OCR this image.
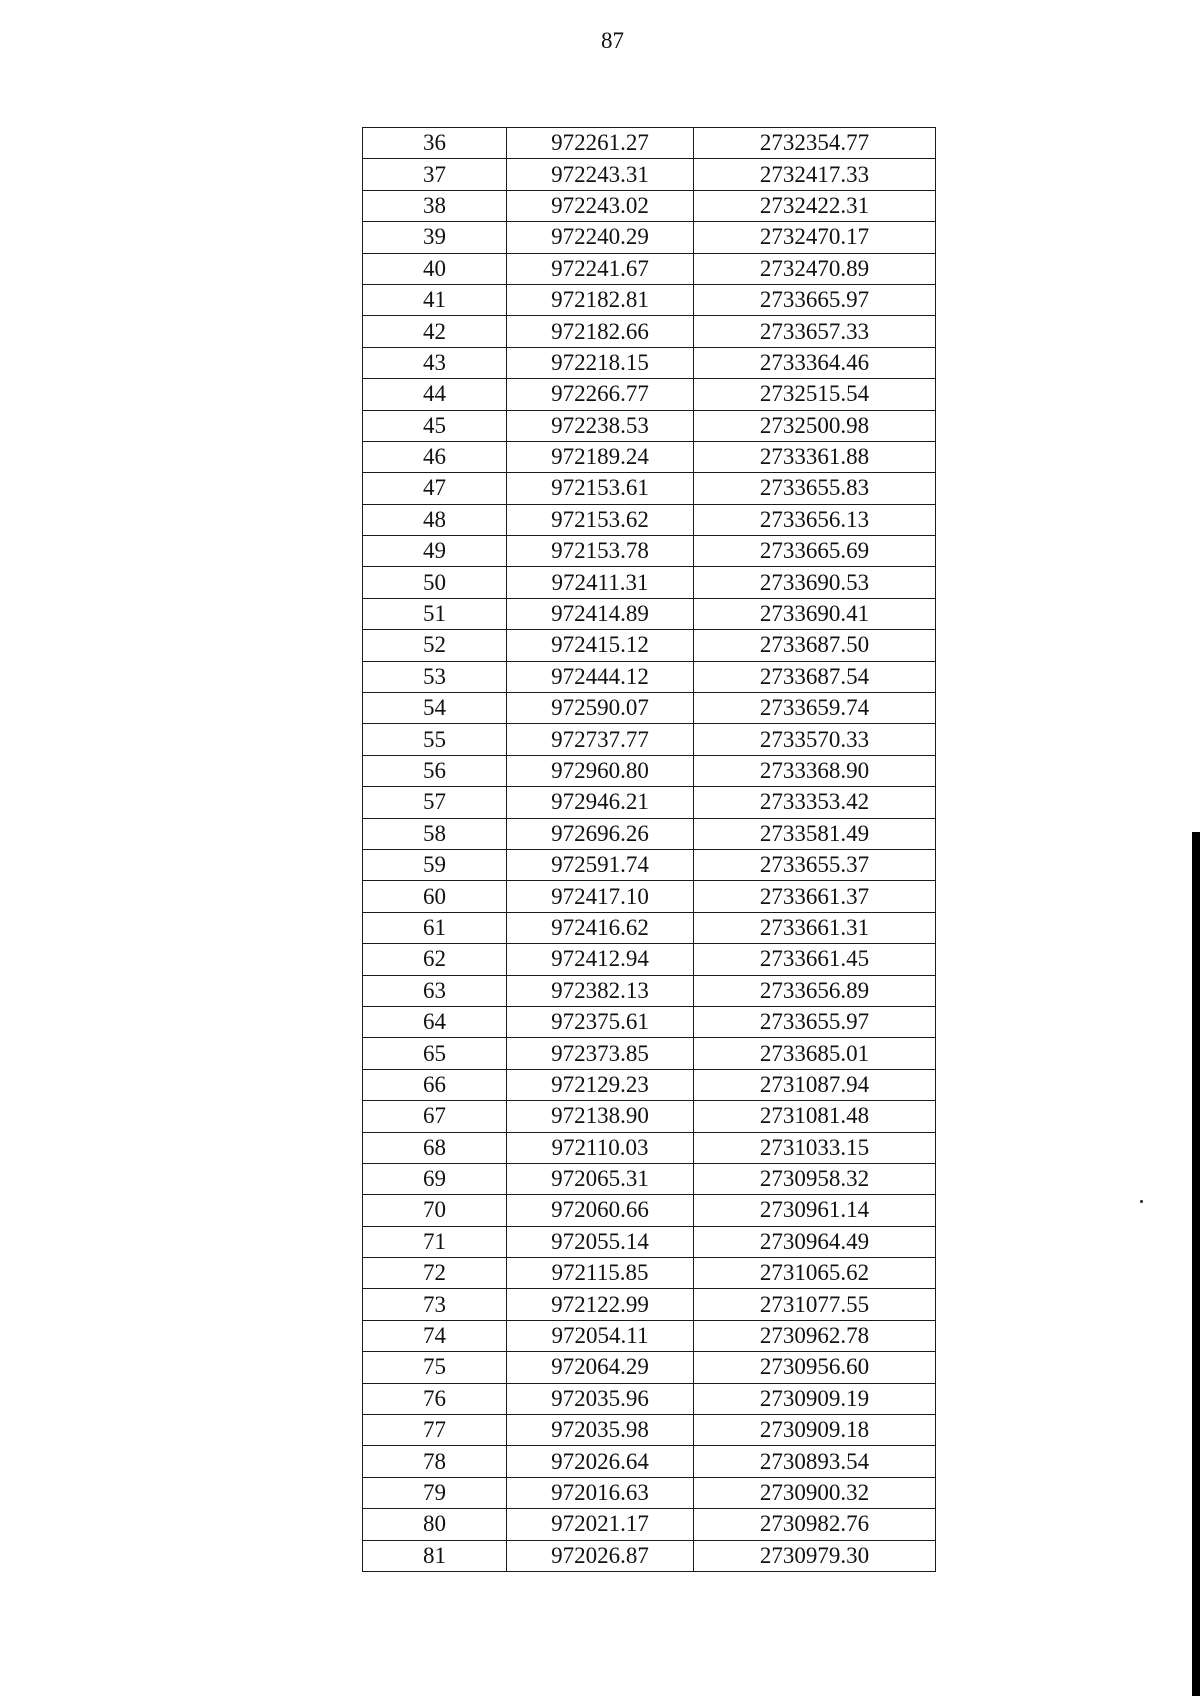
87
36	972261.27	2732354.77
37	972243.31	2732417.33
38	972243.02	2732422.31
39	972240.29	2732470.17
40	972241.67	2732470.89
41	972182.81	2733665.97
42	972182.66	2733657.33
43	972218.15	2733364.46
44	972266.77	2732515.54
45	972238.53	2732500.98
46	972189.24	2733361.88
47	972153.61	2733655.83
48	972153.62	2733656.13
49	972153.78	2733665.69
50	972411.31	2733690.53
51	972414.89	2733690.41
52	972415.12	2733687.50
53	972444.12	2733687.54
54	972590.07	2733659.74
55	972737.77	2733570.33
56	972960.80	2733368.90
57	972946.21	2733353.42
58	972696.26	2733581.49
59	972591.74	2733655.37
60	972417.10	2733661.37
61	972416.62	2733661.31
62	972412.94	2733661.45
63	972382.13	2733656.89
64	972375.61	2733655.97
65	972373.85	2733685.01
66	972129.23	2731087.94
67	972138.90	2731081.48
68	972110.03	2731033.15
69	972065.31	2730958.32
70	972060.66	2730961.14
71	972055.14	2730964.49
72	972115.85	2731065.62
73	972122.99	2731077.55
74	972054.11	2730962.78
75	972064.29	2730956.60
76	972035.96	2730909.19
77	972035.98	2730909.18
78	972026.64	2730893.54
79	972016.63	2730900.32
80	972021.17	2730982.76
81	972026.87	2730979.30
